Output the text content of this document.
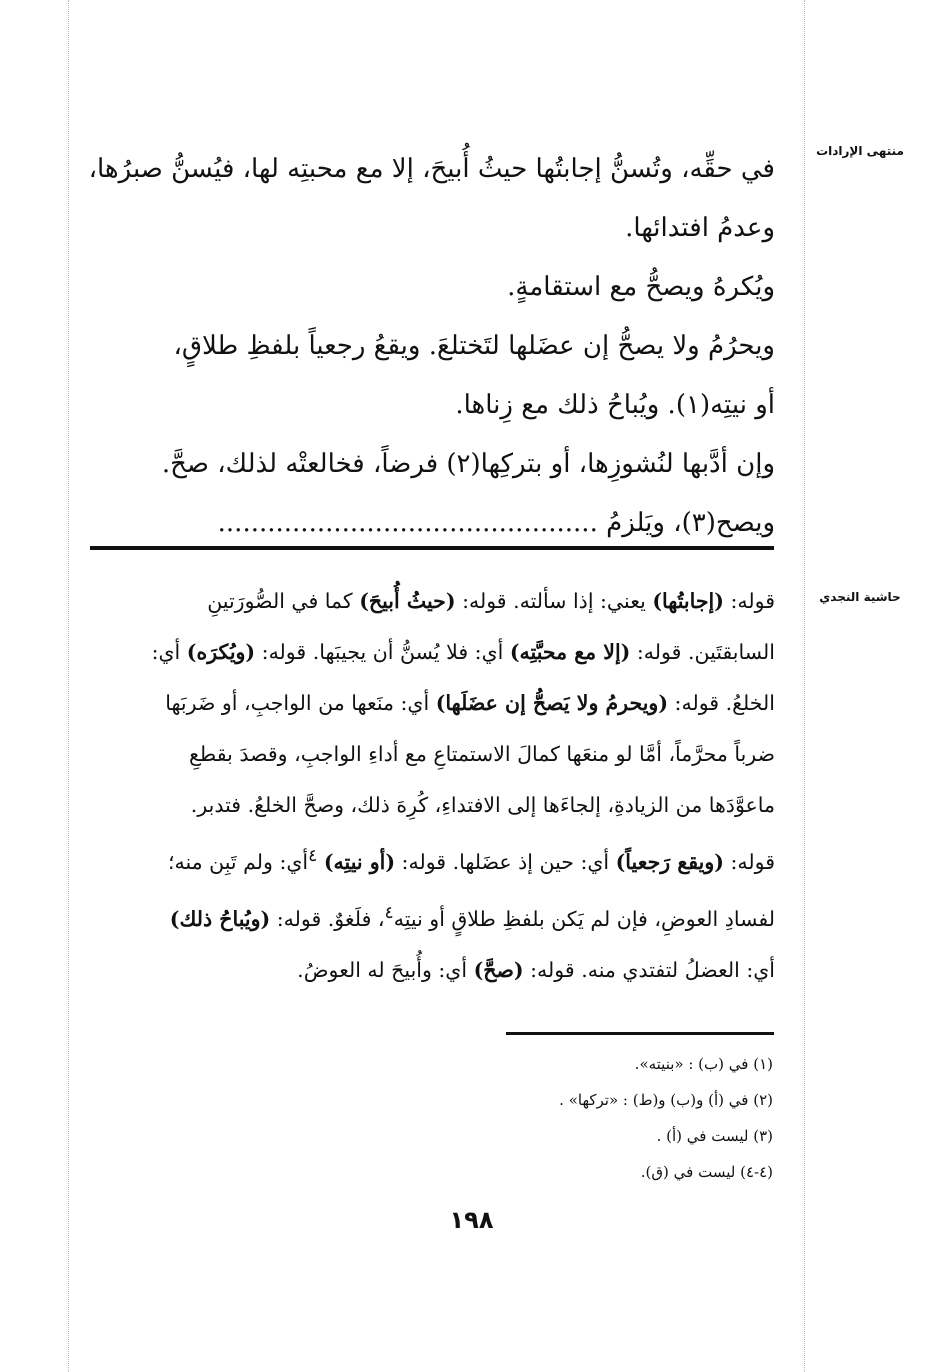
منتهى الإرادات
حاشية النجدي

في حقِّه، وتُسنُّ إجابتُها حيثُ أُبيحَ، إلا مع محبتِه لها، فيُسنُّ صبرُها،

وعدمُ افتدائها.

ويُكرهُ ويصحُّ مع استقامةٍ.

ويحرُمُ ولا يصحُّ إن عضَلها لتَختلعَ. ويقعُ رجعياً بلفظِ طلاقٍ،

أو نيتِه(١). ويُباحُ ذلك مع زِناها.

وإن أدَّبها لنُشوزِها، أو بتركِها(٢) فرضاً، فخالعتْه لذلك، صحَّ.

ويصح(٣)، ويَلزمُ ..............................................

قوله: (إجابتُها) يعني: إذا سألته. قوله: (حيثُ أُبيحَ) كما في الصُّورَتينِ

السابقتَين. قوله: (إلا مع محبَّتِه) أي: فلا يُسنُّ أن يجيبَها. قوله: (ويُكرَه) أي:

الخلعُ. قوله: (ويحرمُ ولا يَصحُّ إن عضَلَها) أي: منَعها من الواجبِ، أو ضَربَها

ضرباً محرَّماً، أمَّا لو منعَها كمالَ الاستمتاعِ مع أداءِ الواجبِ، وقصدَ بقطعِ

ماعوَّدَها من الزيادةِ، إلجاءَها إلى الافتداءِ، كُرِهَ ذلك، وصحَّ الخلعُ. فتدبر.

قوله: (ويقع رَجعياً) أي: حين إذ عضَلها. قوله: (أو نيتِه) $^٤$أي: ولم تَبِن منه؛

لفسادِ العوضِ، فإن لم يَكن بلفظِ طلاقٍ أو نيتِه$^٤$، فلَغوٌ. قوله: (ويُباحُ ذلك)

أي: العضلُ لتفتدي منه. قوله: (صحَّ) أي: وأُبيحَ له العوضُ.

(١) في (ب) : «بنيته».

(٢) في (أ) و(ب) و(ط) : «تركها» .

(٣) ليست في (أ) .

(٤-٤) ليست في (ق).

١٩٨
